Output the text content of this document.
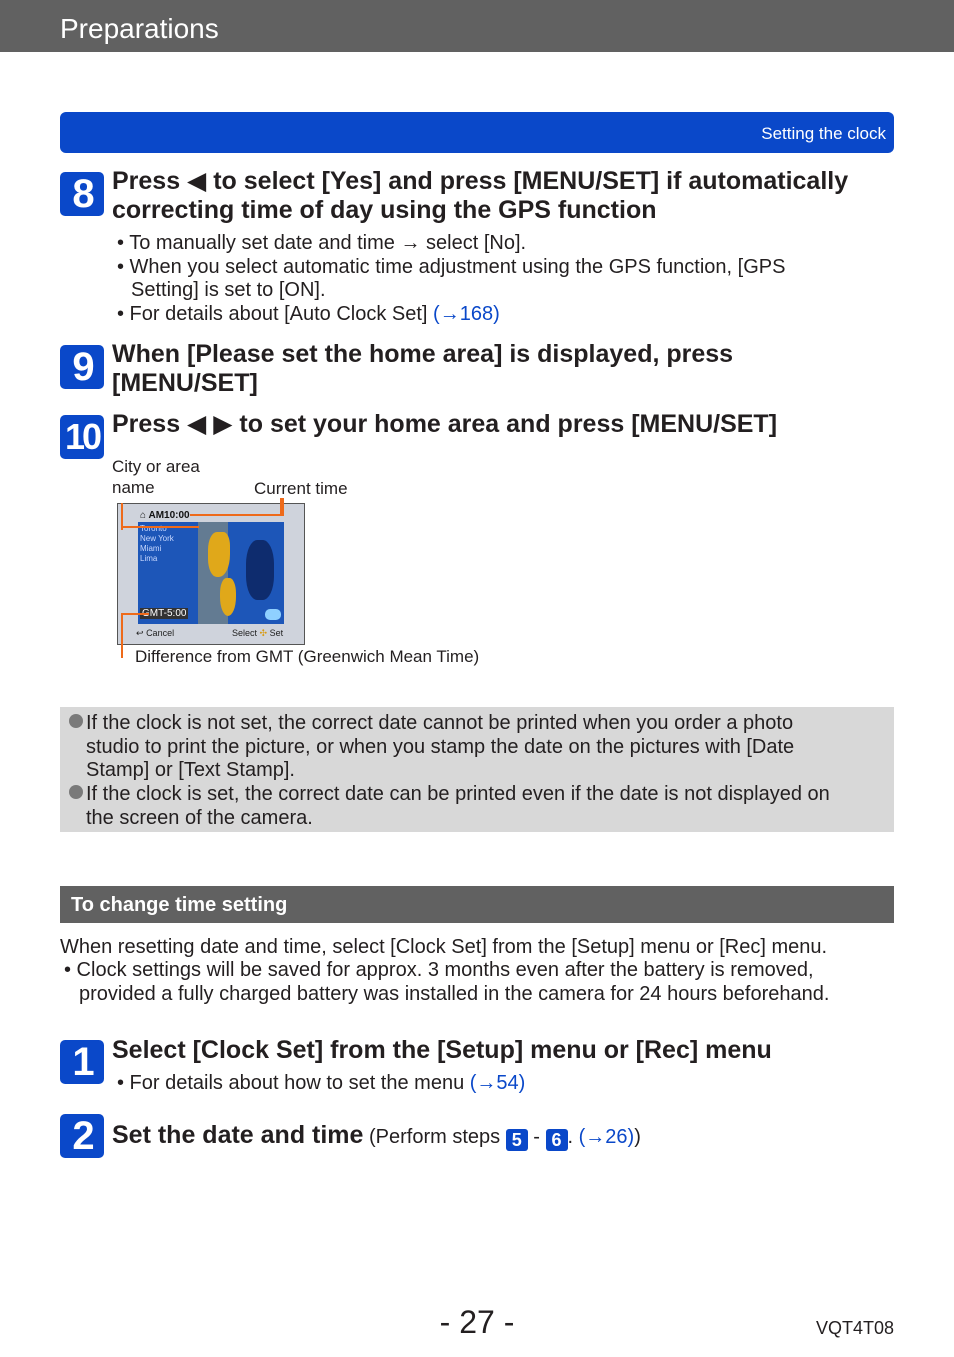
Preparations
Setting the clock
8 Press ◀ to select [Yes] and press [MENU/SET] if automatically
correcting time of day using the GPS function
• To manually set date and time → select [No].
• When you select automatic time adjustment using the GPS function, [GPS
Setting] is set to [ON].
• For details about [Auto Clock Set] (→168)
9 When [Please set the home area] is displayed, press
[MENU/SET]
10 Press ◀ ▶ to set your home area and press [MENU/SET]
City or area
name	Current time
⌂ AM10:00
Toronto
New York
Miami
Lima
GMT-5:00
↩ Cancel	Select ✣ Set
Difference from GMT (Greenwich Mean Time)
If the clock is not set, the correct date cannot be printed when you order a photo
studio to print the picture, or when you stamp the date on the pictures with [Date
Stamp] or [Text Stamp].
If the clock is set, the correct date can be printed even if the date is not displayed on
the screen of the camera.
To change time setting
When resetting date and time, select [Clock Set] from the [Setup] menu or [Rec] menu.
• Clock settings will be saved for approx. 3 months even after the battery is removed,
provided a fully charged battery was installed in the camera for 24 hours beforehand.
1 Select [Clock Set] from the [Setup] menu or [Rec] menu
• For details about how to set the menu (→54)
2 Set the date and time (Perform steps 5 - 6 . (→26))
- 27 -	VQT4T08
